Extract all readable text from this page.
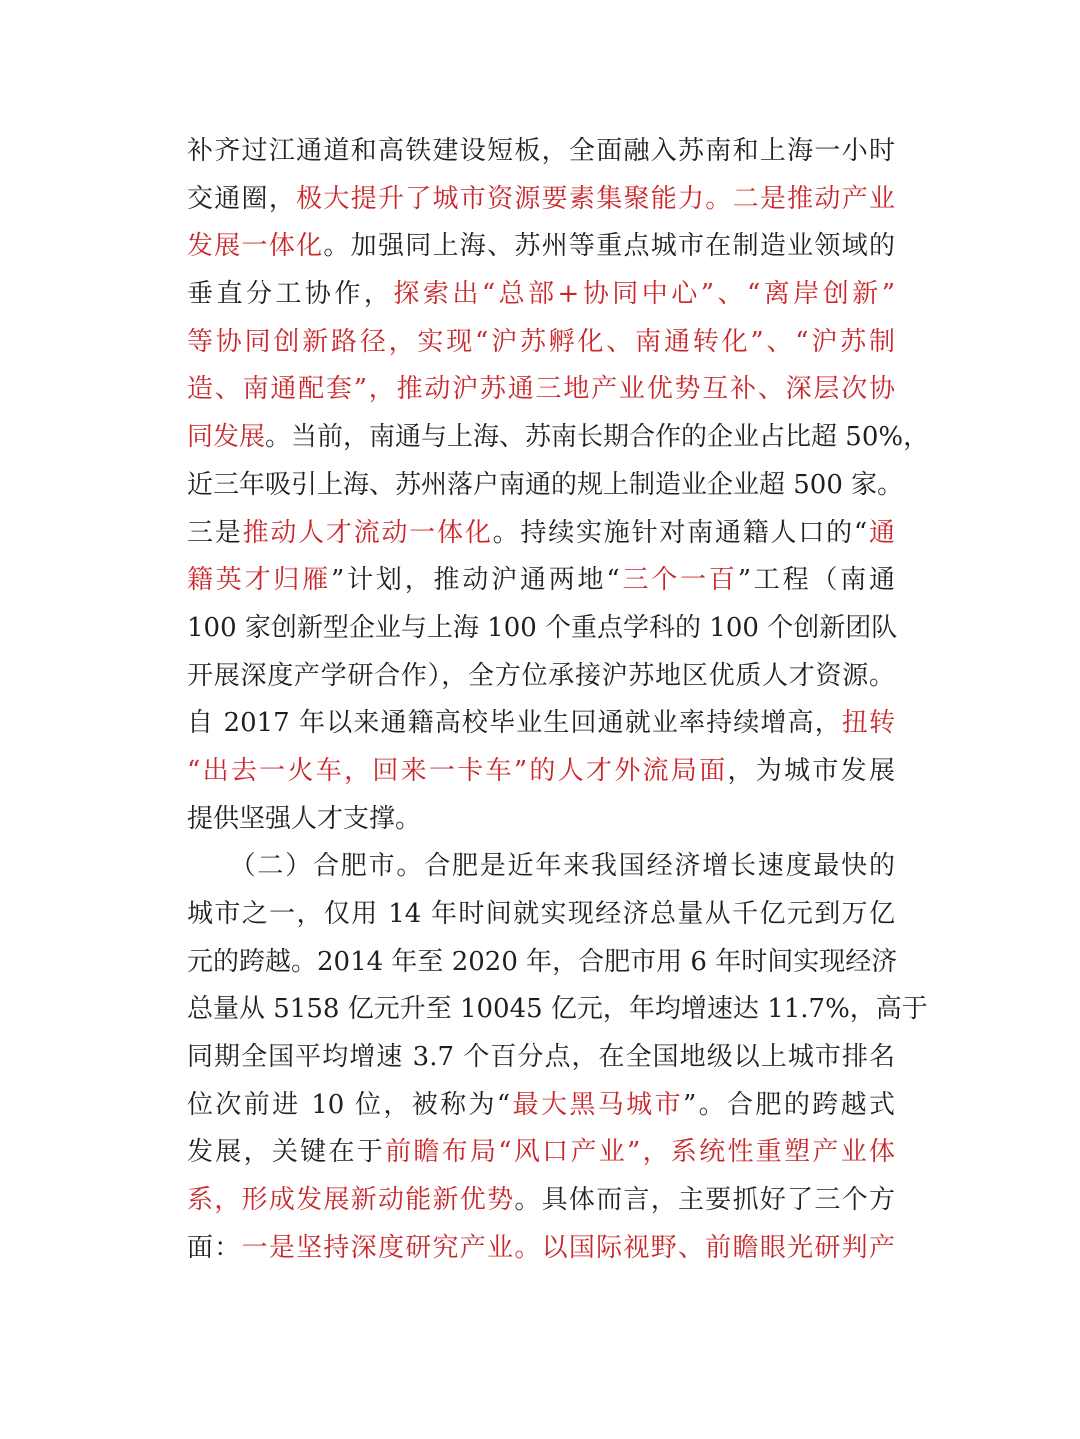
补齐过江通道和高铁建设短板，全面融入苏南和上海一小时
交通圈，极大提升了城市资源要素集聚能力。二是推动产业
发展一体化。加强同上海、苏州等重点城市在制造业领域的
垂直分工协作，探索出“总部+协同中心”、“离岸创新”
等协同创新路径，实现“沪苏孵化、南通转化”、“沪苏制
造、南通配套”，推动沪苏通三地产业优势互补、深层次协
同发展。当前，南通与上海、苏南长期合作的企业占比超 50%，
近三年吸引上海、苏州落户南通的规上制造业企业超 500 家。
三是推动人才流动一体化。持续实施针对南通籍人口的“通
籍英才归雁”计划，推动沪通两地“三个一百”工程（南通
100 家创新型企业与上海 100 个重点学科的 100 个创新团队
开展深度产学研合作），全方位承接沪苏地区优质人才资源。
自 2017 年以来通籍高校毕业生回通就业率持续增高，扭转
“出去一火车，回来一卡车”的人才外流局面，为城市发展
提供坚强人才支撑。
　　（二）合肥市。合肥是近年来我国经济增长速度最快的
城市之一，仅用 14 年时间就实现经济总量从千亿元到万亿
元的跨越。2014 年至 2020 年，合肥市用 6 年时间实现经济
总量从 5158 亿元升至 10045 亿元，年均增速达 11.7%，高于
同期全国平均增速 3.7 个百分点，在全国地级以上城市排名
位次前进 10 位，被称为“最大黑马城市”。合肥的跨越式
发展，关键在于前瞻布局“风口产业”，系统性重塑产业体
系，形成发展新动能新优势。具体而言，主要抓好了三个方
面：一是坚持深度研究产业。以国际视野、前瞻眼光研判产
